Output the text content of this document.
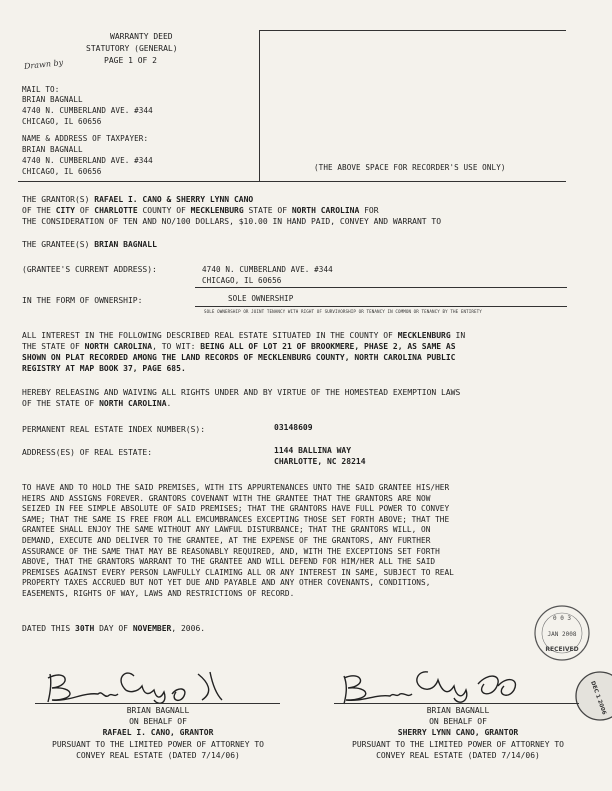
WARRANTY DEED
STATUTORY (GENERAL)
PAGE 1 OF 2
Drawn by
MAIL TO:
BRIAN BAGNALL
4740 N. CUMBERLAND AVE. #344
CHICAGO, IL 60656
NAME & ADDRESS OF TAXPAYER:
BRIAN BAGNALL
4740 N. CUMBERLAND AVE. #344
CHICAGO, IL 60656	(THE ABOVE SPACE FOR RECORDER'S USE ONLY)
THE GRANTOR(S) RAFAEL I. CANO & SHERRY LYNN CANO
OF THE CITY OF CHARLOTTE COUNTY OF MECKLENBURG STATE OF NORTH CAROLINA FOR
THE CONSIDERATION OF TEN AND NO/100 DOLLARS, $10.00 IN HAND PAID, CONVEY AND WARRANT TO
THE GRANTEE(S) BRIAN BAGNALL
(GRANTEE'S CURRENT ADDRESS):	4740 N. CUMBERLAND AVE. #344
CHICAGO, IL 60656
IN THE FORM OF OWNERSHIP:	SOLE OWNERSHIP
SOLE OWNERSHIP OR JOINT TENANCY WITH RIGHT OF SURVIVORSHIP OR TENANCY IN COMMON OR TENANCY BY THE ENTIRETY
ALL INTEREST IN THE FOLLOWING DESCRIBED REAL ESTATE SITUATED IN THE COUNTY OF MECKLENBURG IN
THE STATE OF NORTH CAROLINA, TO WIT: BEING ALL OF LOT 21 OF BROOKMERE, PHASE 2, AS SAME AS
SHOWN ON PLAT RECORDED AMONG THE LAND RECORDS OF MECKLENBURG COUNTY, NORTH CAROLINA PUBLIC
REGISTRY AT MAP BOOK 37, PAGE 685.
HEREBY RELEASING AND WAIVING ALL RIGHTS UNDER AND BY VIRTUE OF THE HOMESTEAD EXEMPTION LAWS
OF THE STATE OF NORTH CAROLINA.
PERMANENT REAL ESTATE INDEX NUMBER(S):	03148609
ADDRESS(ES) OF REAL ESTATE:	1144 BALLINA WAY
CHARLOTTE, NC 28214
TO HAVE AND TO HOLD THE SAID PREMISES, WITH ITS APPURTENANCES UNTO THE SAID GRANTEE HIS/HER
HEIRS AND ASSIGNS FOREVER. GRANTORS COVENANT WITH THE GRANTEE THAT THE GRANTORS ARE NOW
SEIZED IN FEE SIMPLE ABSOLUTE OF SAID PREMISES; THAT THE GRANTORS HAVE FULL POWER TO CONVEY
SAME; THAT THE SAME IS FREE FROM ALL EMCUMBRANCES EXCEPTING THOSE SET FORTH ABOVE; THAT THE
GRANTEE SHALL ENJOY THE SAME WITHOUT ANY LAWFUL DISTURBANCE; THAT THE GRANTORS WILL, ON
DEMAND, EXECUTE AND DELIVER TO THE GRANTEE, AT THE EXPENSE OF THE GRANTORS, ANY FURTHER
ASSURANCE OF THE SAME THAT MAY BE REASONABLY REQUIRED, AND, WITH THE EXCEPTIONS SET FORTH
ABOVE, THAT THE GRANTORS WARRANT TO THE GRANTEE AND WILL DEFEND FOR HIM/HER ALL THE SAID
PREMISES AGAINST EVERY PERSON LAWFULLY CLAIMING ALL OR ANY INTEREST IN SAME, SUBJECT TO REAL
PROPERTY TAXES ACCRUED BUT NOT YET DUE AND PAYABLE AND ANY OTHER COVENANTS, CONDITIONS,
EASEMENTS, RIGHTS OF WAY, LAWS AND RESTRICTIONS OF RECORD.
DATED THIS 30TH DAY OF NOVEMBER, 2006.
0 0 3
JAN 2008
RECEIVED
DEC 1 2006
BRIAN BAGNALL
ON BEHALF OF
RAFAEL I. CANO, GRANTOR
PURSUANT TO THE LIMITED POWER OF ATTORNEY TO
CONVEY REAL ESTATE (DATED 7/14/06)
BRIAN BAGNALL
ON BEHALF OF
SHERRY LYNN CANO, GRANTOR
PURSUANT TO THE LIMITED POWER OF ATTORNEY TO
CONVEY REAL ESTATE (DATED 7/14/06)
